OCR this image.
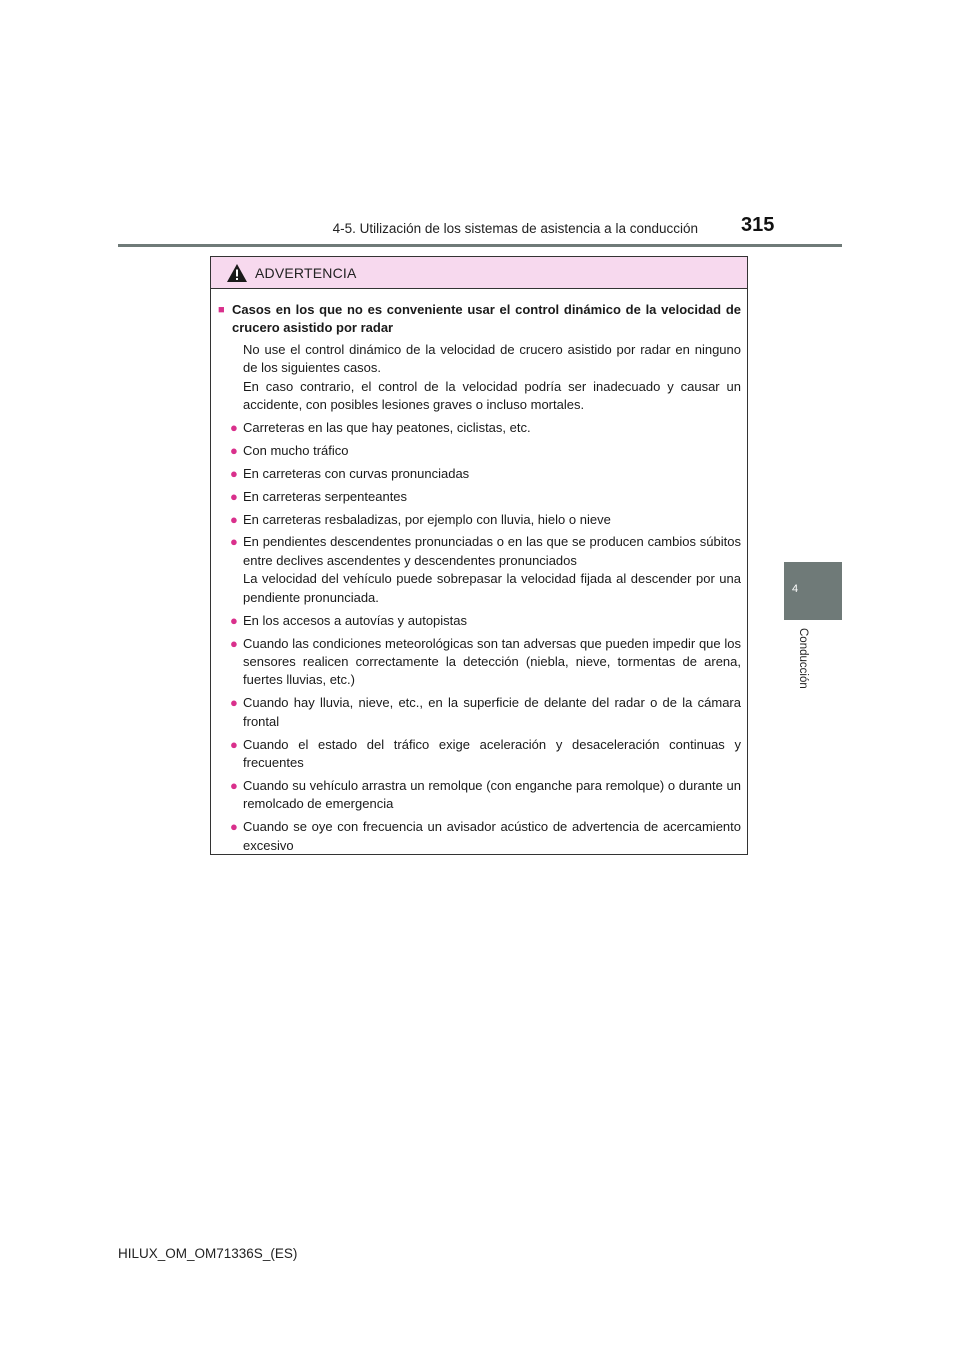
4-5. Utilización de los sistemas de asistencia a la conducción 315
4
Conducción
ADVERTENCIA
■ Casos en los que no es conveniente usar el control dinámico de la velocidad de crucero asistido por radar

No use el control dinámico de la velocidad de crucero asistido por radar en ninguno de los siguientes casos.

En caso contrario, el control de la velocidad podría ser inadecuado y causar un accidente, con posibles lesiones graves o incluso mortales.

● Carreteras en las que hay peatones, ciclistas, etc.
● Con mucho tráfico
● En carreteras con curvas pronunciadas
● En carreteras serpenteantes
● En carreteras resbaladizas, por ejemplo con lluvia, hielo o nieve
● En pendientes descendentes pronunciadas o en las que se producen cambios súbitos entre declives ascendentes y descendentes pronunciados
La velocidad del vehículo puede sobrepasar la velocidad fijada al descender por una pendiente pronunciada.
● En los accesos a autovías y autopistas
● Cuando las condiciones meteorológicas son tan adversas que pueden impedir que los sensores realicen correctamente la detección (niebla, nieve, tormentas de arena, fuertes lluvias, etc.)
● Cuando hay lluvia, nieve, etc., en la superficie de delante del radar o de la cámara frontal
● Cuando el estado del tráfico exige aceleración y desaceleración continuas y frecuentes
● Cuando su vehículo arrastra un remolque (con enganche para remolque) o durante un remolcado de emergencia
● Cuando se oye con frecuencia un avisador acústico de advertencia de acercamiento excesivo
HILUX_OM_OM71336S_(ES)
